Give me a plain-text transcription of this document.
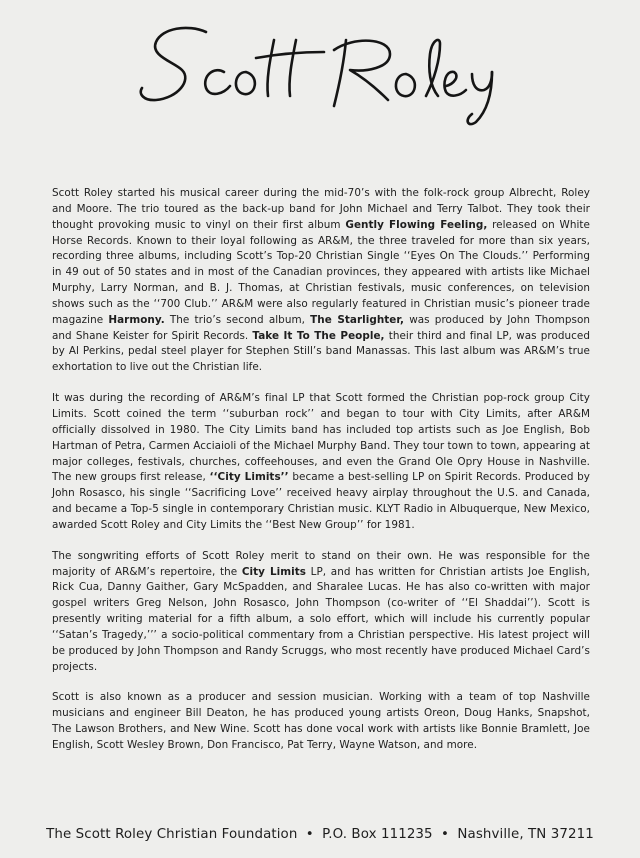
Scott Roley started his musical career during the mid-70’s with the folk-rock group Albrecht, Roley and Moore. The trio toured as the back-up band for John Michael and Terry Talbot. They took their thought provoking music to vinyl on their first album Gently Flowing Feeling, released on White Horse Records. Known to their loyal following as AR&M, the three traveled for more than six years, recording three albums, including Scott’s Top-20 Christian Single ‘‘Eyes On The Clouds.’’ Performing in 49 out of 50 states and in most of the Canadian provinces, they appeared with artists like Michael Murphy, Larry Norman, and B. J. Thomas, at Christian festivals, music conferences, on television shows such as the ‘‘700 Club.’’ AR&M were also regularly featured in Christian music’s pioneer trade magazine Harmony. The trio’s second album, The Starlighter, was produced by John Thompson and Shane Keister for Spirit Records. Take It To The People, their third and final LP, was produced by Al Perkins, pedal steel player for Stephen Still’s band Manassas. This last album was AR&M’s true exhortation to live out the Christian life.

It was during the recording of AR&M’s final LP that Scott formed the Christian pop-rock group City Limits. Scott coined the term ‘‘suburban rock’’ and began to tour with City Limits, after AR&M officially dissolved in 1980. The City Limits band has included top artists such as Joe English, Bob Hartman of Petra, Carmen Acciaioli of the Michael Murphy Band. They tour town to town, appearing at major colleges, festivals, churches, coffeehouses, and even the Grand Ole Opry House in Nashville. The new groups first release, ‘‘City Limits’’ became a best-selling LP on Spirit Records. Produced by John Rosasco, his single ‘‘Sacrificing Love’’ received heavy airplay throughout the U.S. and Canada, and became a Top-5 single in contemporary Christian music. KLYT Radio in Albuquerque, New Mexico, awarded Scott Roley and City Limits the ‘‘Best New Group’’ for 1981.

The songwriting efforts of Scott Roley merit to stand on their own. He was responsible for the majority of AR&M’s repertoire, the City Limits LP, and has written for Christian artists Joe English, Rick Cua, Danny Gaither, Gary McSpadden, and Sharalee Lucas. He has also co-written with major gospel writers Greg Nelson, John Rosasco, John Thompson (co-writer of ‘‘El Shaddai’’). Scott is presently writing material for a fifth album, a solo effort, which will include his currently popular ‘‘Satan’s Tragedy,’’’ a socio-political commentary from a Christian perspective. His latest project will be produced by John Thompson and Randy Scruggs, who most recently have produced Michael Card’s projects.

Scott is also known as a producer and session musician. Working with a team of top Nashville musicians and engineer Bill Deaton, he has produced young artists Oreon, Doug Hanks, Snapshot, The Lawson Brothers, and New Wine. Scott has done vocal work with artists like Bonnie Bramlett, Joe English, Scott Wesley Brown, Don Francisco, Pat Terry, Wayne Watson, and more.

The Scott Roley Christian Foundation • P.O. Box 111235 • Nashville, TN 37211
